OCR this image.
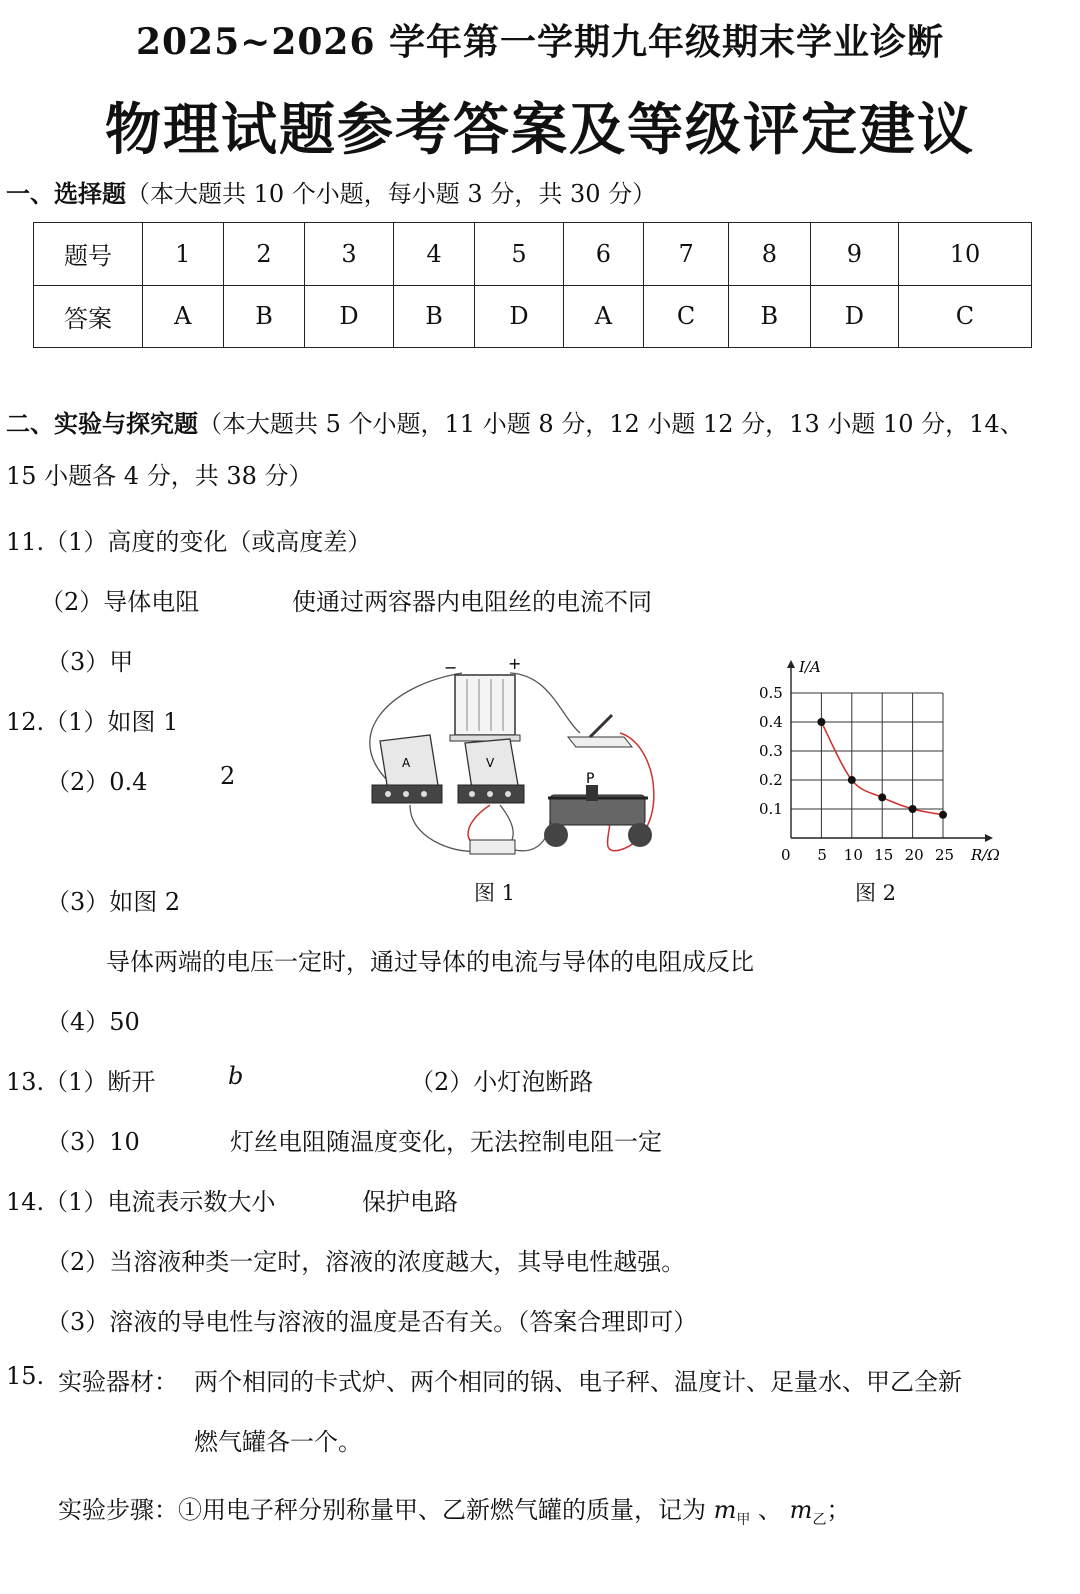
2025~2026 学年第一学期九年级期末学业诊断
物理试题参考答案及等级评定建议
一、选择题（本大题共 10 个小题，每小题 3 分，共 30 分）
题号	1	2	3	4	5	6	7	8	9	10
答案	A	B	D	B	D	A	C	B	D	C
二、实验与探究题（本大题共 5 个小题，11 小题 8 分，12 小题 12 分，13 小题 10 分，14、
15 小题各 4 分，共 38 分）
11.（1）高度的变化（或高度差）
（2）导体电阻	使通过两容器内电阻丝的电流不同
（3）甲
12.（1）如图 1
（2）0.4	2
（3）如图 2
导体两端的电压一定时，通过导体的电流与导体的电阻成反比
（4）50
−	+
A	V
P
图 1
I/A
R/Ω
0 5 10 15 20 25
0.1
0.2
0.3
0.4
0.5
图 2
13.（1）断开	b	（2）小灯泡断路
（3）10	灯丝电阻随温度变化，无法控制电阻一定
14.（1）电流表示数大小	保护电路
（2）当溶液种类一定时，溶液的浓度越大，其导电性越强。
（3）溶液的导电性与溶液的温度是否有关。（答案合理即可）
15. 实验器材： 两个相同的卡式炉、两个相同的锅、电子秤、温度计、足量水、甲乙全新
燃气罐各一个。
实验步骤：①用电子秤分别称量甲、乙新燃气罐的质量，记为 $m_甲$ 、 $m_乙$；
